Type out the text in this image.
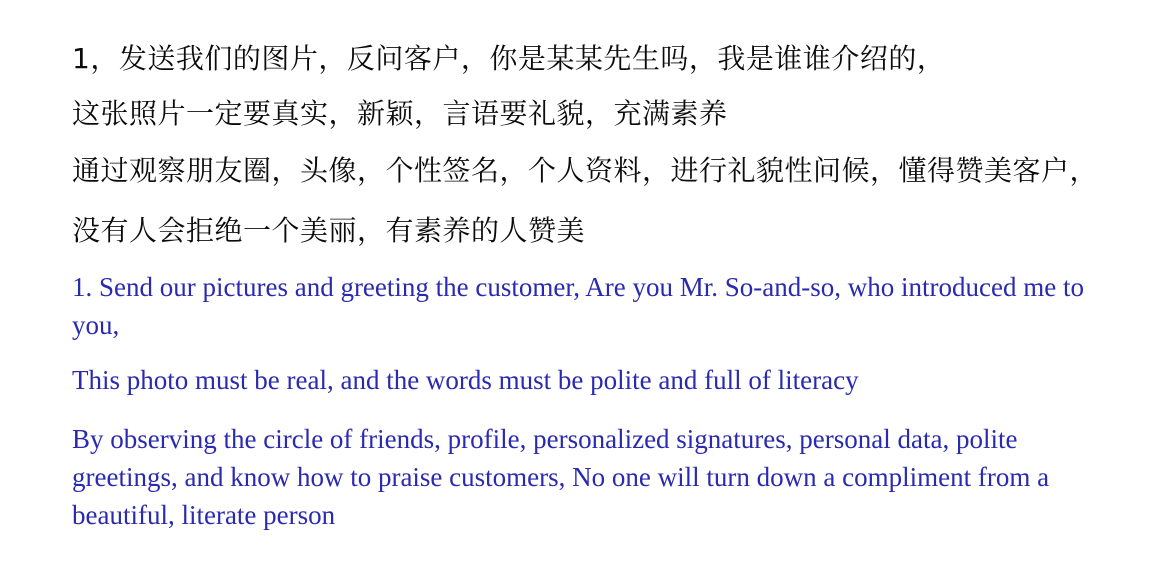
1，发送我们的图片，反问客户，你是某某先生吗，我是谁谁介绍的，

这张照片一定要真实，新颖，言语要礼貌，充满素养

通过观察朋友圈，头像，个性签名，个人资料，进行礼貌性问候，懂得赞美客户，

没有人会拒绝一个美丽，有素养的人赞美

1. Send our pictures and greeting the customer, Are you Mr. So-and-so, who introduced me to you,

This photo must be real, and the words must be polite and full of literacy

By observing the circle of friends, profile, personalized signatures, personal data, polite greetings, and know how to praise customers, No one will turn down a compliment from a beautiful, literate person
